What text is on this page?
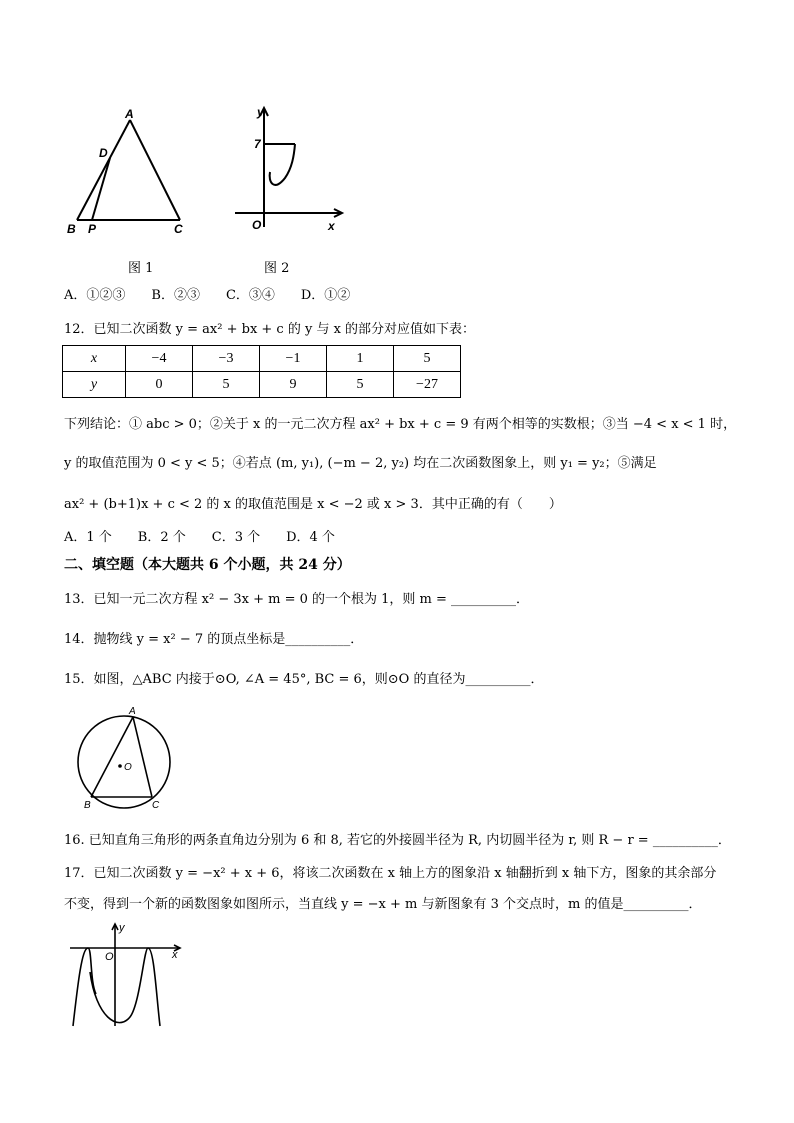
A
D
B P	C
y
7
O	x
图 1	图 2
A．①②③　　B．②③　　C．③④　　D．①②
12．已知二次函数 y = ax² + bx + c 的 y 与 x 的部分对应值如下表：
x	−4	−3	−1	1	5
y	0	5	9	5	−27
下列结论：① abc > 0；②关于 x 的一元二次方程 ax² + bx + c = 9 有两个相等的实数根；③当 −4 < x < 1 时，
y 的取值范围为 0 < y < 5；④若点 (m, y₁), (−m − 2, y₂) 均在二次函数图象上，则 y₁ = y₂；⑤满足
ax² + (b+1)x + c < 2 的 x 的取值范围是 x < −2 或 x > 3．其中正确的有（　　）
A．1 个　　B．2 个　　C．3 个　　D．4 个
二、填空题（本大题共 6 个小题，共 24 分）
13．已知一元二次方程 x² − 3x + m = 0 的一个根为 1，则 m = __________．
14．抛物线 y = x² − 7 的顶点坐标是__________．
15．如图，△ABC 内接于⊙O, ∠A = 45°, BC = 6，则⊙O 的直径为__________．
A
O
B	C
16. 已知直角三角形的两条直角边分别为 6 和 8, 若它的外接圆半径为 R, 内切圆半径为 r, 则 R − r = __________．
17．已知二次函数 y = −x² + x + 6，将该二次函数在 x 轴上方的图象沿 x 轴翻折到 x 轴下方，图象的其余部分
不变，得到一个新的函数图象如图所示，当直线 y = −x + m 与新图象有 3 个交点时，m 的值是__________．
y
O	x
